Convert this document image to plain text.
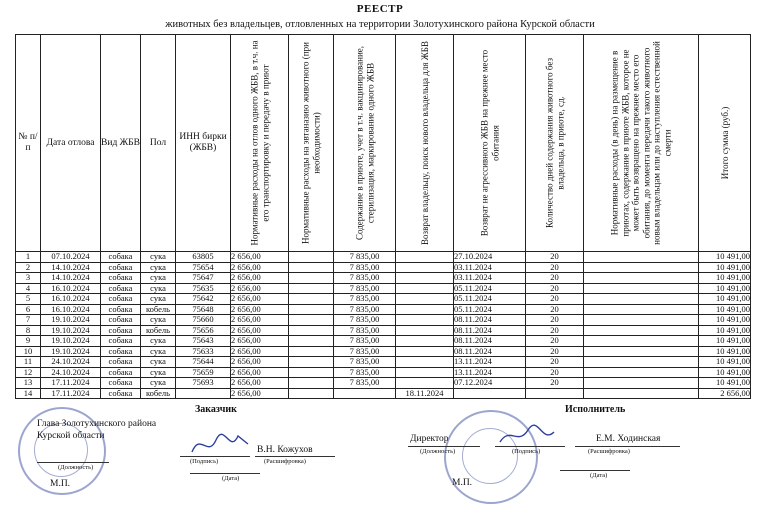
РЕЕСТР
животных без владельцев, отловленных на территории Золотухинского района Курской области
№ п/п	Дата отлова	Вид ЖБВ	Пол	ИНН бирки (ЖБВ)	Нормативные расходы на отлов одного ЖБВ, в т.ч. на его транспортировку и передачу в приют	Нормативные расходы на эвтаназию животного (при необходимости)	Содержание в приюте, учет в т.ч. вакцинирование, стерилизация, маркирование одного ЖБВ	Возврат владельцу, поиск нового владельца для ЖБВ	Возврат не агрессивного ЖБВ на прежнее место обитания	Количество дней содержания животного без владельца, в приюте, сд.	Нормативные расходы (в день) на размещение в приютах, содержание в приюте ЖБВ, которое не может быть возвращено на прежнее место его обитания, до момента передачи такого животного новым владельцам или до наступления естественной смерти	Итого сумма (руб.)

1	07.10.2024	собака	сука	63805	2 656,00		7 835,00		27.10.2024	20		10 491,00
2	14.10.2024	собака	сука	75654	2 656,00		7 835,00		03.11.2024	20		10 491,00
3	14.10.2024	собака	сука	75647	2 656,00		7 835,00		03.11.2024	20		10 491,00
4	16.10.2024	собака	сука	75635	2 656,00		7 835,00		05.11.2024	20		10 491,00
5	16.10.2024	собака	сука	75642	2 656,00		7 835,00		05.11.2024	20		10 491,00
6	16.10.2024	собака	кобель	75648	2 656,00		7 835,00		05.11.2024	20		10 491,00
7	19.10.2024	собака	сука	75660	2 656,00		7 835,00		08.11.2024	20		10 491,00
8	19.10.2024	собака	кобель	75656	2 656,00		7 835,00		08.11.2024	20		10 491,00
9	19.10.2024	собака	сука	75643	2 656,00		7 835,00		08.11.2024	20		10 491,00
10	19.10.2024	собака	сука	75633	2 656,00		7 835,00		08.11.2024	20		10 491,00
11	24.10.2024	собака	сука	75644	2 656,00		7 835,00		13.11.2024	20		10 491,00
12	24.10.2024	собака	сука	75659	2 656,00		7 835,00		13.11.2024	20		10 491,00
13	17.11.2024	собака	сука	75693	2 656,00		7 835,00		07.12.2024	20		10 491,00
14	17.11.2024	собака	кобель		2 656,00			18.11.2024				2 656,00
Заказчик
Глава Золотухинского района
Курской области
(Должность)
(Подпись)
В.Н. Кожухов
(Расшифровка)
М.П.
(Дата)
Исполнитель
Директор
(Должность)	(Подпись)
Е.М. Ходинская
(Расшифровка)
М.П.
(Дата)
